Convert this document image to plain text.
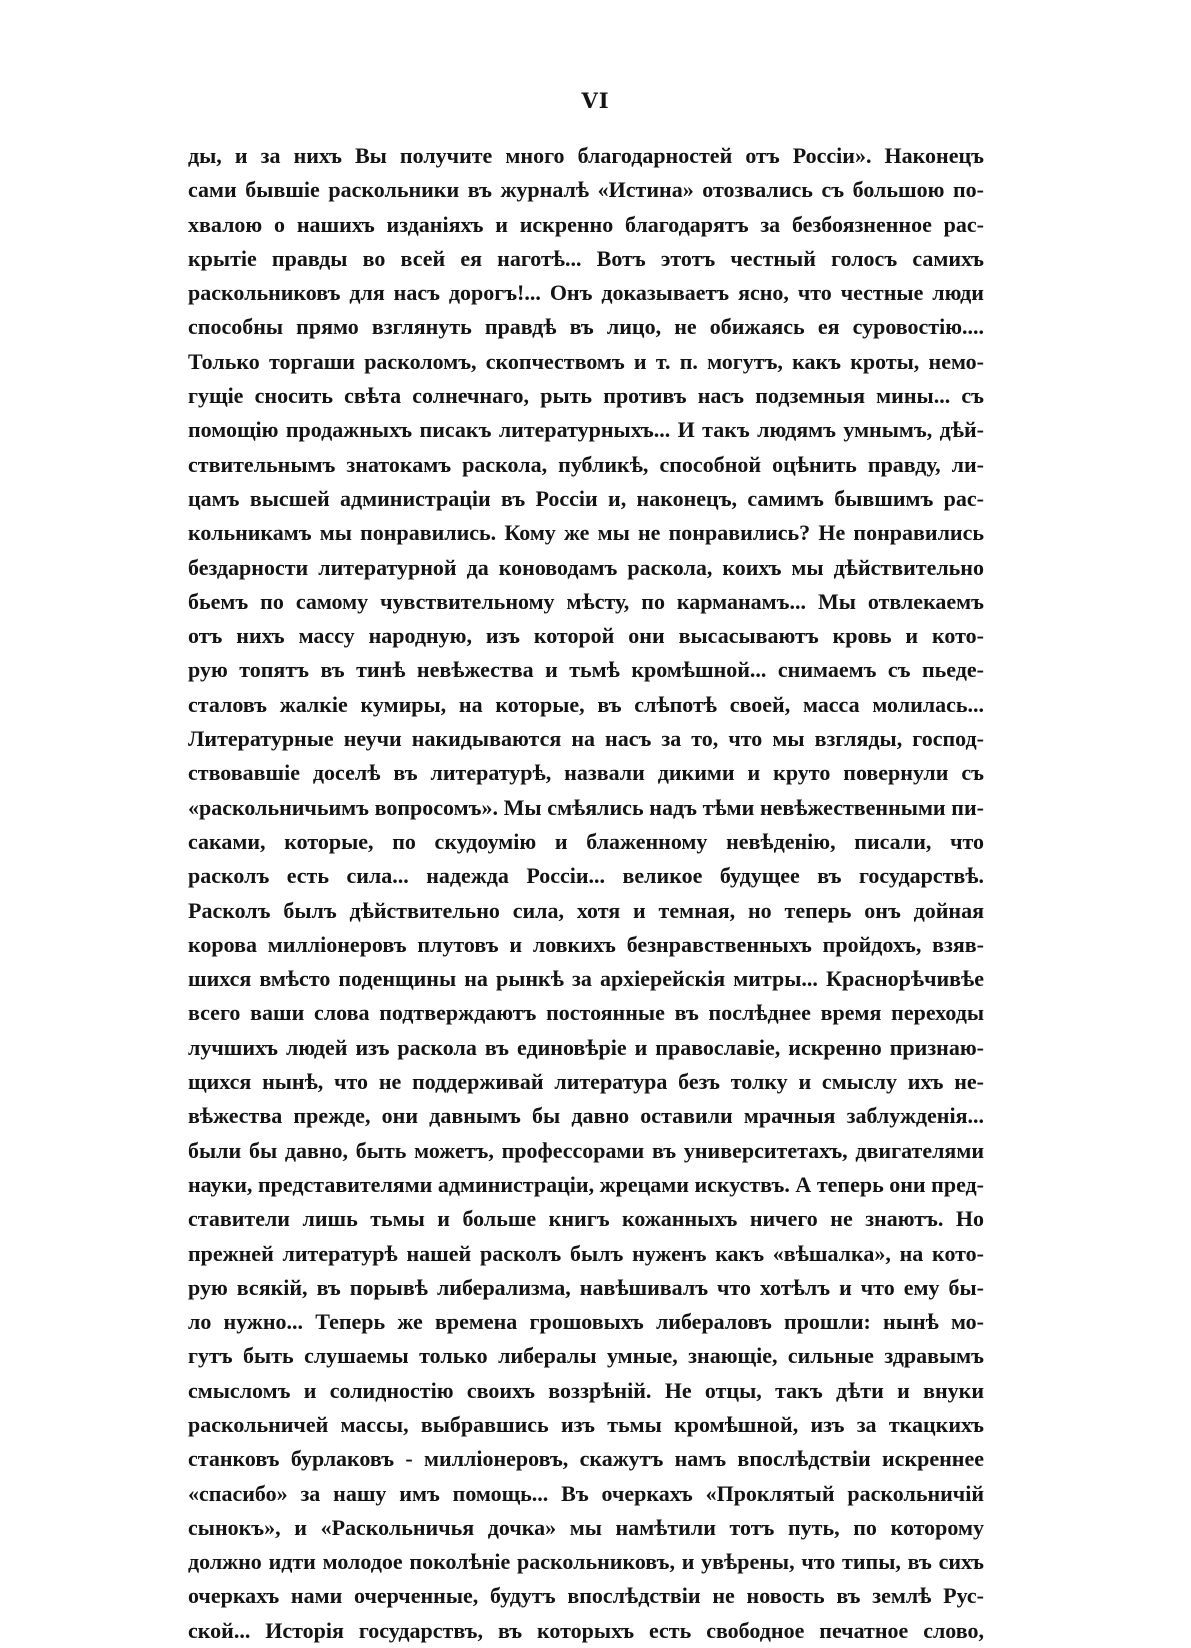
VI
ды, и за нихъ Вы получите много благодарностей отъ Россіи». Наконецъ
сами бывшіе раскольники въ журналѣ «Истина» отозвались съ большою по-
хвалою о нашихъ изданіяхъ и искренно благодарятъ за безбоязненное рас-
крытіе правды во всей ея наготѣ... Вотъ этотъ честный голосъ самихъ
раскольниковъ для насъ дорогъ!... Онъ доказываетъ ясно, что честные люди
способны прямо взглянуть правдѣ въ лицо, не обижаясь ея суровостію....
Только торгаши расколомъ, скопчествомъ и т. п. могутъ, какъ кроты, немо-
гущіе сносить свѣта солнечнаго, рыть противъ насъ подземныя мины... съ
помощію продажныхъ писакъ литературныхъ... И такъ людямъ умнымъ, дѣй-
ствительнымъ знатокамъ раскола, публикѣ, способной оцѣнить правду, ли-
цамъ высшей администраціи въ Россіи и, наконецъ, самимъ бывшимъ рас-
кольникамъ мы понравились. Кому же мы не понравились? Не понравились
бездарности литературной да коноводамъ раскола, коихъ мы дѣйствительно
бьемъ по самому чувствительному мѣсту, по карманамъ... Мы отвлекаемъ
отъ нихъ массу народную, изъ которой они высасываютъ кровь и кото-
рую топятъ въ тинѣ невѣжества и тьмѣ кромѣшной... снимаемъ съ пьеде-
сталовъ жалкіе кумиры, на которые, въ слѣпотѣ своей, масса молилась...
Литературные неучи накидываются на насъ за то, что мы взгляды, господ-
ствовавшіе доселѣ въ литературѣ, назвали дикими и круто повернули съ
«раскольничьимъ вопросомъ». Мы смѣялись надъ тѣми невѣжественными пи-
саками, которые, по скудоумію и блаженному невѣденію, писали, что
расколъ есть сила... надежда Россіи... великое будущее въ государствѣ.
Расколъ былъ дѣйствительно сила, хотя и темная, но теперь онъ дойная
корова милліонеровъ плутовъ и ловкихъ безнравственныхъ пройдохъ, взяв-
шихся вмѣсто поденщины на рынкѣ за архіерейскія митры... Краснорѣчивѣе
всего ваши слова подтверждаютъ постоянные въ послѣднее время переходы
лучшихъ людей изъ раскола въ единовѣріе и православіе, искренно признаю-
щихся нынѣ, что не поддерживай литература безъ толку и смыслу ихъ не-
вѣжества прежде, они давнымъ бы давно оставили мрачныя заблужденія...
были бы давно, быть можетъ, профессорами въ университетахъ, двигателями
науки, представителями администраціи, жрецами искуствъ. А теперь они пред-
ставители лишь тьмы и больше книгъ кожанныхъ ничего не знаютъ. Но
прежней литературѣ нашей расколъ былъ нуженъ какъ «вѣшалка», на кото-
рую всякій, въ порывѣ либерализма, навѣшивалъ что хотѣлъ и что ему бы-
ло нужно... Теперь же времена грошовыхъ либераловъ прошли: нынѣ мо-
гутъ быть слушаемы только либералы умные, знающіе, сильные здравымъ
смысломъ и солидностію своихъ воззрѣній. Не отцы, такъ дѣти и внуки
раскольничей массы, выбравшись изъ тьмы кромѣшной, изъ за ткацкихъ
станковъ бурлаковъ - милліонеровъ, скажутъ намъ впослѣдствіи искреннее
«спасибо» за нашу имъ помощь... Въ очеркахъ «Проклятый раскольничій
сынокъ», и «Раскольничья дочка» мы намѣтили тотъ путь, по которому
должно идти молодое поколѣніе раскольниковъ, и увѣрены, что типы, въ сихъ
очеркахъ нами очерченные, будутъ впослѣдствіи не новость въ землѣ Рус-
ской... Исторія государствъ, въ которыхъ есть свободное печатное слово,
